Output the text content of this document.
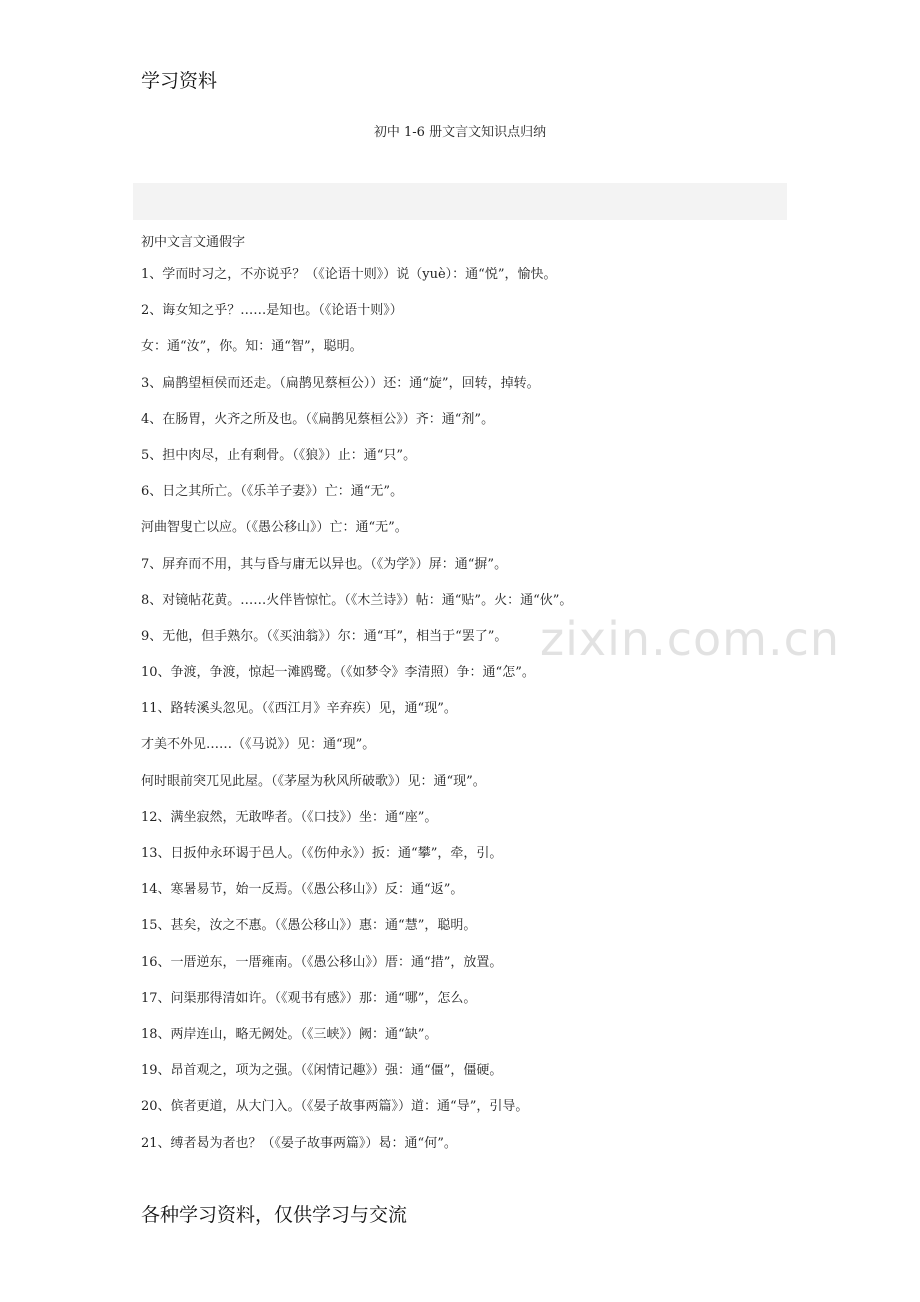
学习资料
初中 1-6 册文言文知识点归纳
初中文言文通假字
1、学而时习之，不亦说乎？（《论语十则》）说（yuè）：通“悦”，愉快。
2、诲女知之乎？……是知也。（《论语十则》）
女：通“汝”，你。知：通“智”，聪明。
3、扁鹊望桓侯而还走。（扁鹊见蔡桓公））还：通“旋”，回转，掉转。
4、在肠胃，火齐之所及也。（《扁鹊见蔡桓公》）齐：通“剂”。
5、担中肉尽，止有剩骨。（《狼》）止：通“只”。
6、日之其所亡。（《乐羊子妻》）亡：通“无”。
河曲智叟亡以应。（《愚公移山》）亡：通“无”。
7、屏弃而不用，其与昏与庸无以异也。（《为学》）屏：通“摒”。
8、对镜帖花黄。……火伴皆惊忙。（《木兰诗》）帖：通“贴”。火：通“伙”。
9、无他，但手熟尔。（《买油翁》）尔：通“耳”，相当于“罢了”。
10、争渡，争渡，惊起一滩鸥鹭。（《如梦令》李清照）争：通“怎”。
11、路转溪头忽见。（《西江月》辛弃疾）见，通“现”。
才美不外见……（《马说》）见：通“现”。
何时眼前突兀见此屋。（《茅屋为秋风所破歌》）见：通“现”。
12、满坐寂然，无敢哗者。（《口技》）坐：通“座”。
13、日扳仲永环谒于邑人。（《伤仲永》）扳：通“攀”，牵，引。
14、寒暑易节，始一反焉。（《愚公移山》）反：通“返”。
15、甚矣，汝之不惠。（《愚公移山》）惠：通“慧”，聪明。
16、一厝逆东，一厝雍南。（《愚公移山》）厝：通“措”，放置。
17、问渠那得清如许。（《观书有感》）那：通“哪”，怎么。
18、两岸连山，略无阙处。（《三峡》）阙：通“缺”。
19、昂首观之，项为之强。（《闲情记趣》）强：通“僵”，僵硬。
20、傧者更道，从大门入。（《晏子故事两篇》）道：通“导”，引导。
21、缚者曷为者也？（《晏子故事两篇》）曷：通“何”。
zixin.com.cn
各种学习资料，仅供学习与交流
